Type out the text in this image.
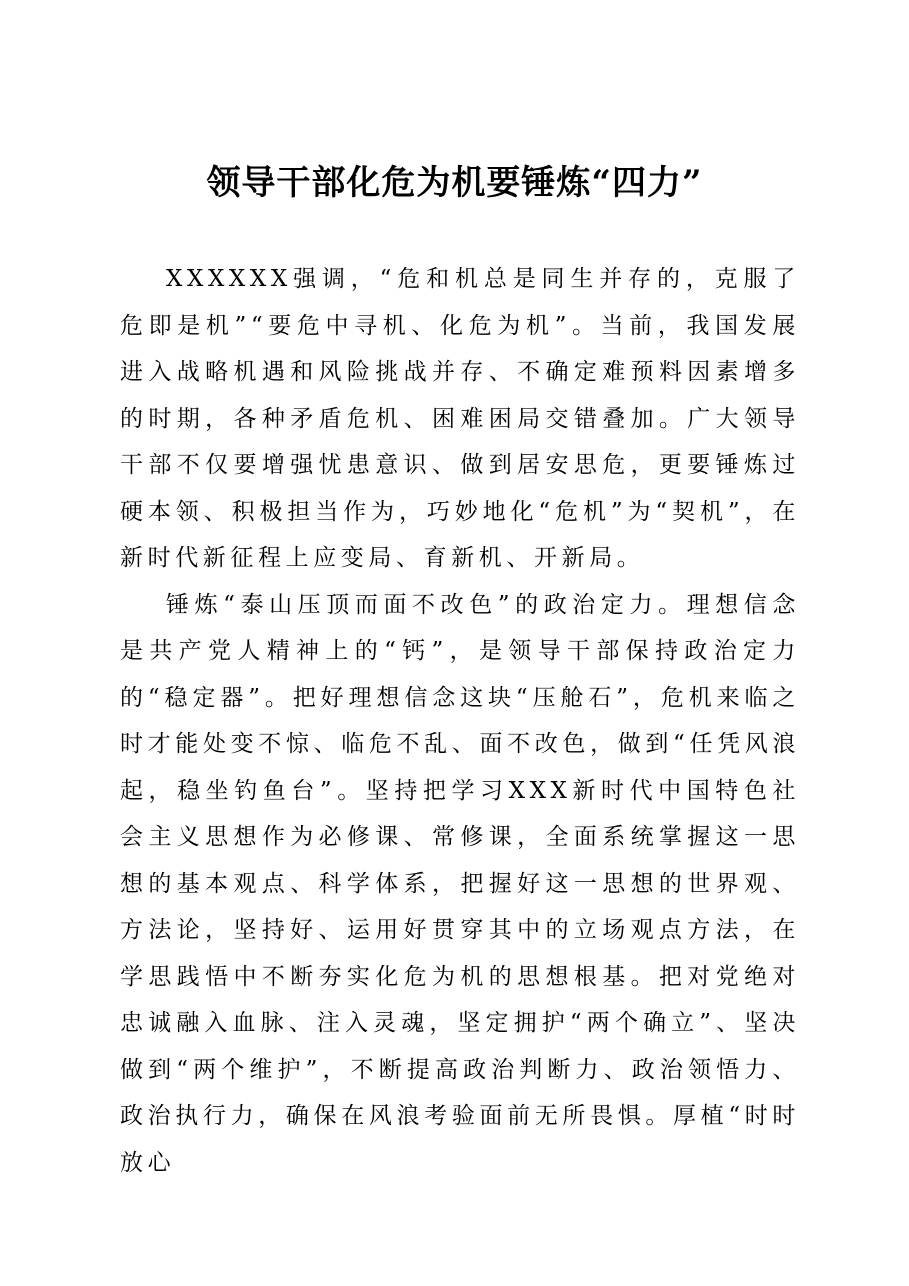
领导干部化危为机要锤炼“四力”

XXXXXX强调，“危和机总是同生并存的，克服了危即是机”“要危中寻机、化危为机”。当前，我国发展进入战略机遇和风险挑战并存、不确定难预料因素增多的时期，各种矛盾危机、困难困局交错叠加。广大领导干部不仅要增强忧患意识、做到居安思危，更要锤炼过硬本领、积极担当作为，巧妙地化“危机”为“契机”，在新时代新征程上应变局、育新机、开新局。

锤炼“泰山压顶而面不改色”的政治定力。理想信念是共产党人精神上的“钙”，是领导干部保持政治定力的“稳定器”。把好理想信念这块“压舱石”，危机来临之时才能处变不惊、临危不乱、面不改色，做到“任凭风浪起，稳坐钓鱼台”。坚持把学习XXX新时代中国特色社会主义思想作为必修课、常修课，全面系统掌握这一思想的基本观点、科学体系，把握好这一思想的世界观、方法论，坚持好、运用好贯穿其中的立场观点方法，在学思践悟中不断夯实化危为机的思想根基。把对党绝对忠诚融入血脉、注入灵魂，坚定拥护“两个确立”、坚决做到“两个维护”，不断提高政治判断力、政治领悟力、政治执行力，确保在风浪考验面前无所畏惧。厚植“时时放心
